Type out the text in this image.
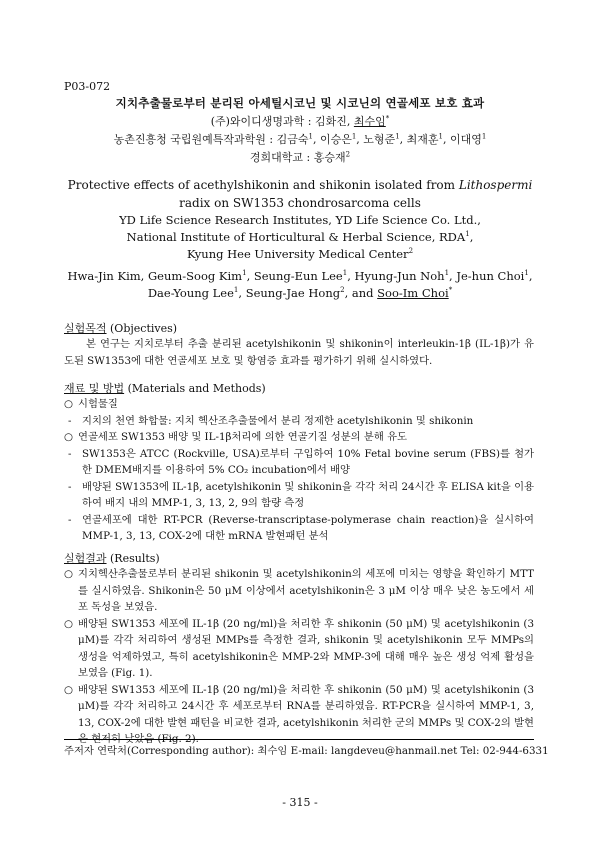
P03-072
지치추출물로부터 분리된 아세틸시코닌 및 시코닌의 연골세포 보호 효과
(주)와이디생명과학 : 김화진, 최수임*
농촌진흥청 국립원예특작과학원 : 김금숙$^1$, 이승은$^1$, 노형준$^1$, 최재훈$^1$, 이대영$^1$
경희대학교 : 홍승재$^2$
Protective effects of acethylshikonin and shikonin isolated from Lithospermi
radix on SW1353 chondrosarcoma cells
YD Life Science Research Institutes, YD Life Science Co. Ltd.,
National Institute of Horticultural & Herbal Science, RDA$^1$,
Kyung Hee University Medical Center$^2$
Hwa-Jin Kim, Geum-Soog Kim$^1$, Seung-Eun Lee$^1$, Hyung-Jun Noh$^1$, Je-hun Choi$^1$,
Dae-Young Lee$^1$, Seung-Jae Hong$^2$, and Soo-Im Choi*
실험목적 (Objectives)
본 연구는 지치로부터 추출 분리된 acetylshikonin 및 shikonin이 interleukin-1β (IL-1β)가 유도된 SW1353에 대한 연골세포 보호 및 항염증 효과를 평가하기 위해 실시하였다.
재료 및 방법 (Materials and Methods)
○ 시험물질
-	지치의 천연 화합물: 지치 헥산조추출물에서 분리 정제한 acetylshikonin 및 shikonin
○ 연골세포 SW1353 배양 및 IL-1β처리에 의한 연골기질 성분의 분해 유도
-	SW1353은 ATCC (Rockville, USA)로부터 구입하여 10% Fetal bovine serum (FBS)를 첨가한 DMEM배지를 이용하여 5% CO₂ incubation에서 배양
-	배양된 SW1353에 IL-1β, acetylshikonin 및 shikonin을 각각 처리 24시간 후 ELISA kit을 이용하여 배지 내의 MMP-1, 3, 13, 2, 9의 함량 측정
-	연골세포에 대한 RT-PCR (Reverse-transcriptase-polymerase chain reaction)을 실시하여 MMP-1, 3, 13, COX-2에 대한 mRNA 발현패턴 분석
실험결과 (Results)
○ 지치헥산추출물로부터 분리된 shikonin 및 acetylshikonin의 세포에 미치는 영향을 확인하기 MTT를 실시하였음. Shikonin은 50 μM 이상에서 acetylshikonin은 3 μM 이상 매우 낮은 농도에서 세포 독성을 보였음.
○ 배양된 SW1353 세포에 IL-1β (20 ng/ml)을 처리한 후 shikonin (50 μM) 및 acetylshikonin (3 μM)를 각각 처리하여 생성된 MMPs를 측정한 결과, shikonin 및 acetylshikonin 모두 MMPs의 생성을 억제하였고, 특히 acetylshikonin은 MMP-2와 MMP-3에 대해 매우 높은 생성 억제 활성을 보였음 (Fig. 1).
○ 배양된 SW1353 세포에 IL-1β (20 ng/ml)을 처리한 후 shikonin (50 μM) 및 acetylshikonin (3 μM)를 각각 처리하고 24시간 후 세포로부터 RNA를 분리하였음. RT-PCR을 실시하여 MMP-1, 3, 13, COX-2에 대한 발현 패턴을 비교한 결과, acetylshikonin 처리한 군의 MMPs 및 COX-2의 발현은 현저히 낮았음 (Fig. 2).
주저자 연락처(Corresponding author): 최수임 E-mail: langdeveu@hanmail.net Tel: 02-944-6331
- 315 -
